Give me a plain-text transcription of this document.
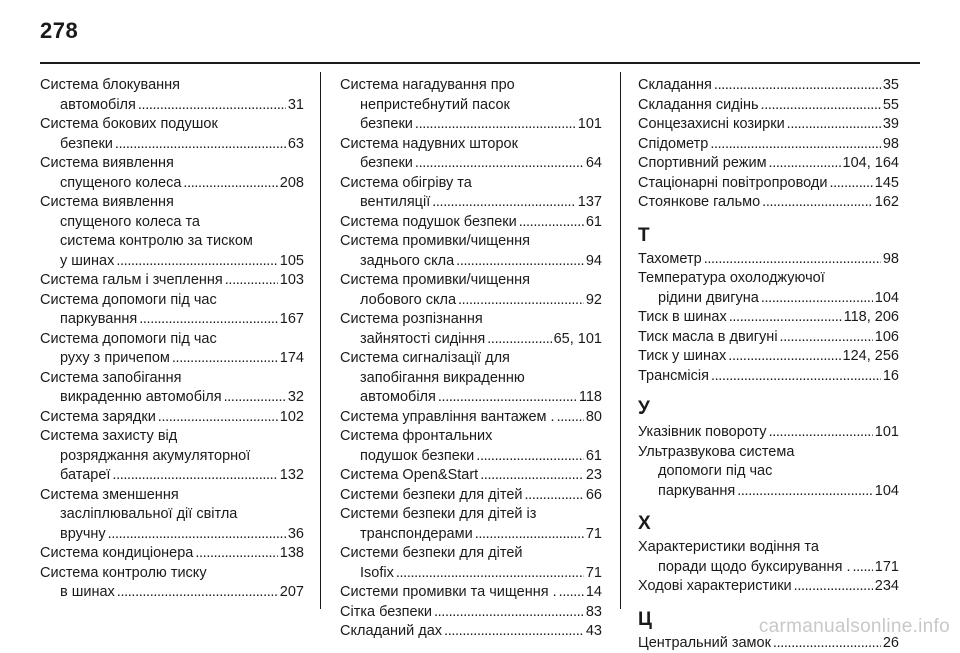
278
Система блокування
автомобіля . . .	31
Система бокових подушок
безпеки . . .	63
Система виявлення
спущеного колеса . . .	208
Система виявлення
спущеного колеса та
система контролю за тиском
у шинах . . .	105
Система гальм і зчеплення . . .	103
Система допомоги під час
паркування . . .	167
Система допомоги під час
руху з причепом . . .	174
Система запобігання
викраденню автомобіля . . .	32
Система зарядки . . .	102
Система захисту від
розряджання акумуляторної
батареї . . .	132
Система зменшення
засліплювальної дії світла
вручну . . .	36
Система кондиціонера . . .	138
Система контролю тиску
в шинах . . .	207
Система нагадування про
непристебнутий пасок
безпеки . . .	101
Система надувних шторок
безпеки . . .	64
Система обігріву та
вентиляції . . .	137
Система подушок безпеки . . .	61
Система промивки/чищення
заднього скла . . .	94
Система промивки/чищення
лобового скла . . .	92
Система розпізнання
зайнятості сидіння . . .	65, 101
Система сигналізації для
запобігання викраденню
автомобіля . . .	118
Система управління вантажем . . . . 80
Система фронтальних
подушок безпеки . . .	61
Система Open&Start . . .	23
Системи безпеки для дітей . . .	66
Системи безпеки для дітей із
транспондерами . . .	71
Системи безпеки для дітей
Isofix . . .	71
Системи промивки та чищення . . . . 14
Сітка безпеки . . .	83
Складаний дах . . .	43
Складання . . .	35
Складання сидінь . . .	55
Сонцезахисні козирки . . .	39
Спідометр . . .	98
Спортивний режим . . .	104, 164
Стаціонарні повітропроводи . . .	145
Стоянкове гальмо . . .	162
Т
Тахометр . . .	98
Температура охолоджуючої
рідини двигуна . . .	104
Тиск в шинах . . .	118, 206
Тиск масла в двигуні . . .	106
Тиск у шинах . . .	124, 256
Трансмісія . . .	16
У
Указівник повороту . . .	101
Ультразвукова система
допомоги під час
паркування . . .	104
Х
Характеристики водіння та
поради щодо буксирування . . . . 171
Ходові характеристики . . .	234
Ц
Центральний замок . . .	26
carmanualsonline.info
